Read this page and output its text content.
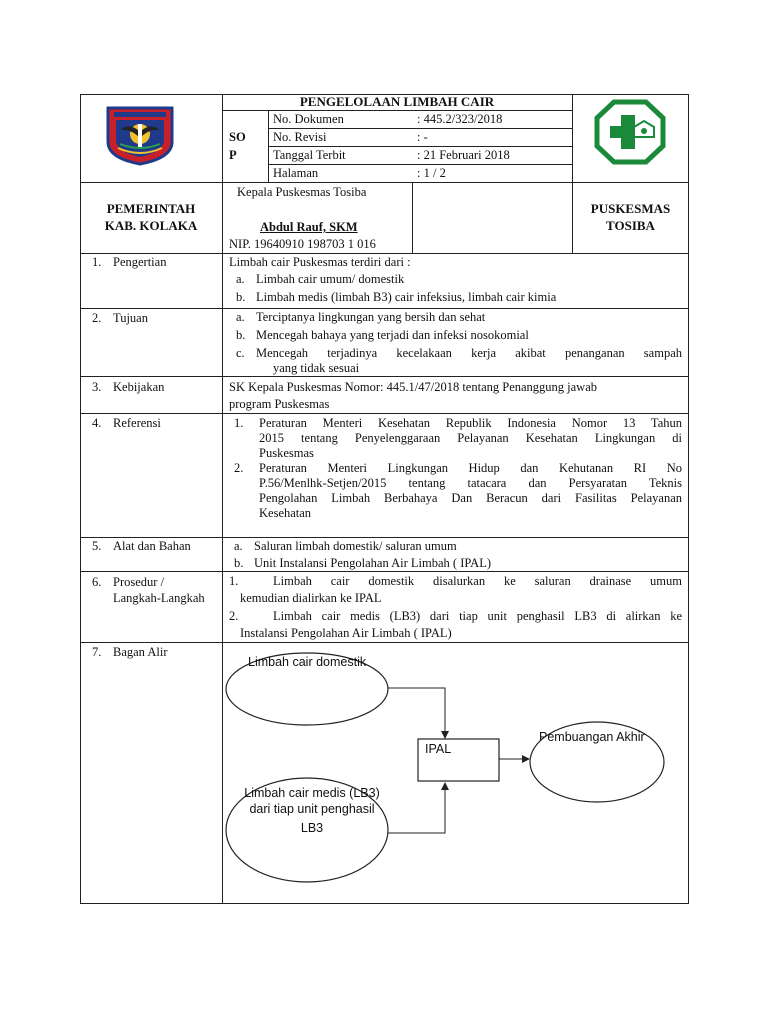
PENGELOLAAN LIMBAH CAIR
SO
P
No. Dokumen	: 445.2/323/2018
No. Revisi	: -
Tanggal Terbit	: 21 Februari 2018
Halaman	: 1 / 2
PEMERINTAH
KAB. KOLAKA
Kepala Puskesmas Tosiba
Abdul Rauf, SKM
NIP. 19640910 198703 1 016
PUSKESMAS
TOSIBA
1. Pengertian	Limbah cair Puskesmas terdiri dari :
a. Limbah cair umum/ domestik
b. Limbah medis (limbah B3) cair infeksius, limbah cair kimia
2. Tujuan	a. Terciptanya lingkungan yang bersih dan sehat
b. Mencegah bahaya yang terjadi dan infeksi nosokomial
c. Mencegah terjadinya kecelakaan kerja akibat penanganan sampah
yang tidak sesuai
3. Kebijakan	SK Kepala Puskesmas Nomor: 445.1/47/2018 tentang Penanggung jawab
program Puskesmas
4. Referensi	1. Peraturan Menteri Kesehatan Republik Indonesia Nomor 13 Tahun
2015 tentang Penyelenggaraan Pelayanan Kesehatan Lingkungan di
Puskesmas
2. Peraturan Menteri Lingkungan Hidup dan Kehutanan RI No
P.56/Menlhk-Setjen/2015 tentang tatacara dan Persyaratan Teknis
Pengolahan Limbah Berbahaya Dan Beracun dari Fasilitas Pelayanan
Kesehatan
5. Alat dan Bahan	a. Saluran limbah domestik/ saluran umum
b. Unit Instalansi Pengolahan Air Limbah ( IPAL)
6. Prosedur /
Langkah-Langkah
1.	Limbah cair domestik disalurkan ke saluran drainase umum
kemudian dialirkan ke IPAL
2.	Limbah cair medis (LB3) dari tiap unit penghasil LB3 di alirkan ke
Instalansi Pengolahan Air Limbah ( IPAL)
7. Bagan Alir
Limbah cair domestik
IPAL
Pembuangan Akhir
Limbah cair medis (LB3)
dari tiap unit penghasil
LB3
